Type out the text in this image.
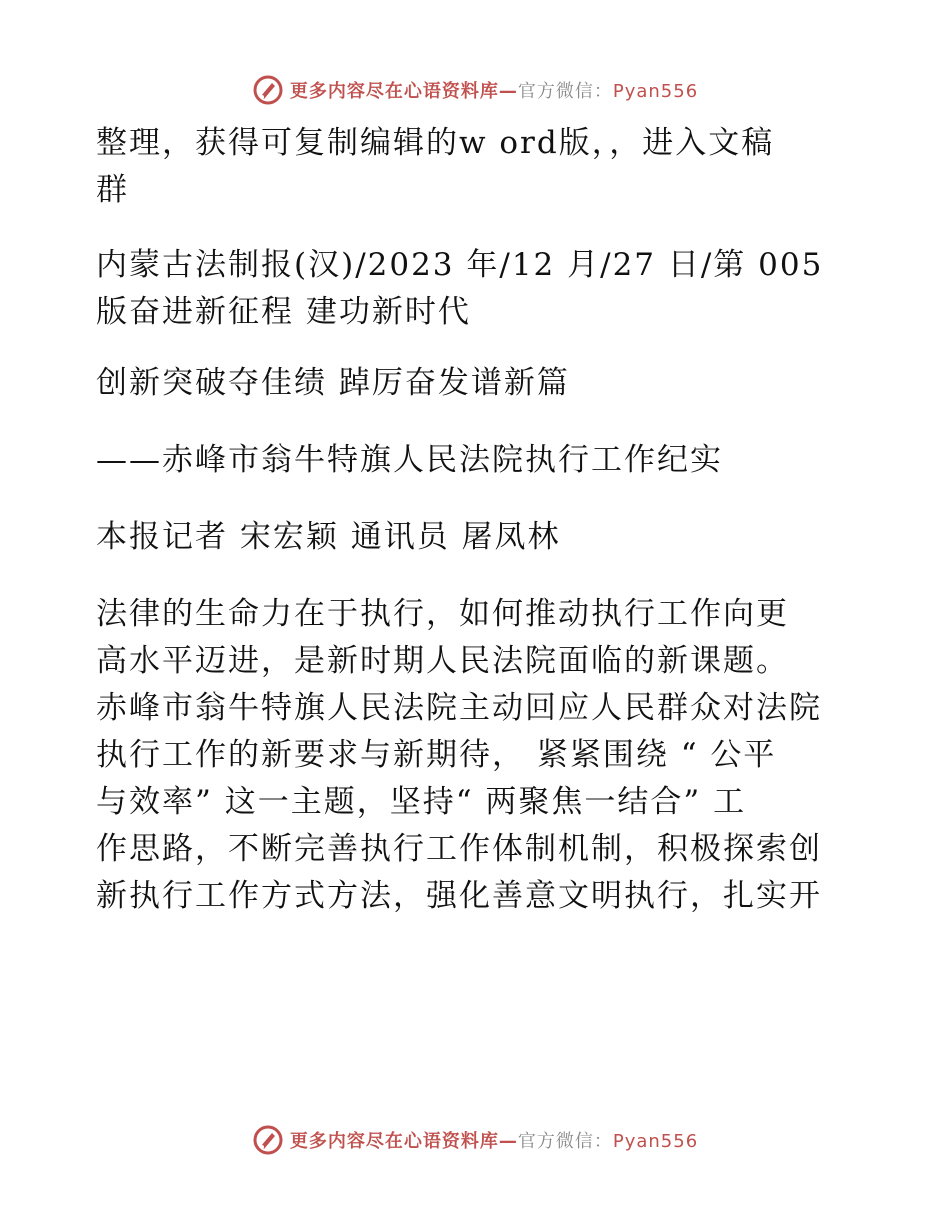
更多内容尽在心语资料库—官方微信：Pyan556

整理，获得可复制编辑的w ord版，，进入文稿

群

内蒙古法制报(汉)/2023 年/12 月/27 日/第 005

版奋进新征程 建功新时代

创新突破夺佳绩 踔厉奋发谱新篇

——赤峰市翁牛特旗人民法院执行工作纪实

本报记者 宋宏颖 通讯员 屠凤林

法律的生命力在于执行，如何推动执行工作向更

高水平迈进，是新时期人民法院面临的新课题。

赤峰市翁牛特旗人民法院主动回应人民群众对法院

执行工作的新要求与新期待， 紧紧围绕 “ 公平

与效率” 这一主题，坚持“ 两聚焦一结合” 工

作思路，不断完善执行工作体制机制，积极探索创

新执行工作方式方法，强化善意文明执行，扎实开

更多内容尽在心语资料库—官方微信：Pyan556
